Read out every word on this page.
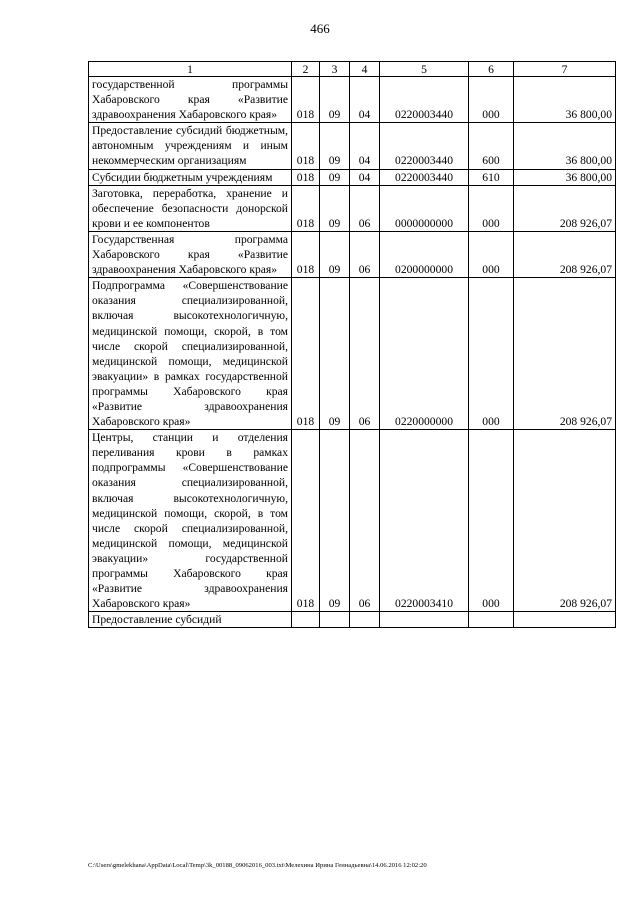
466
1	2	3	4	5	6	7
государственной программы Хабаровского края «Развитие здравоохранения Хабаровского края»	018	09	04	0220003440	000	36 800,00
Предоставление субсидий бюджетным, автономным учреждениям и иным некоммерческим организациям	018	09	04	0220003440	600	36 800,00
Субсидии бюджетным учреждениям	018	09	04	0220003440	610	36 800,00
Заготовка, переработка, хранение и обеспечение безопасности донорской крови и ее компонентов	018	09	06	0000000000	000	208 926,07
Государственная программа Хабаровского края «Развитие здравоохранения Хабаровского края»	018	09	06	0200000000	000	208 926,07
Подпрограмма «Совершенствование оказания специализированной, включая высокотехнологичную, медицинской помощи, скорой, в том числе скорой специализированной, медицинской помощи, медицинской эвакуации» в рамках государственной программы Хабаровского края «Развитие здравоохранения Хабаровского края»	018	09	06	0220000000	000	208 926,07
Центры, станции и отделения переливания крови в рамках подпрограммы «Совершенствование оказания специализированной, включая высокотехнологичную, медицинской помощи, скорой, в том числе скорой специализированной, медицинской помощи, медицинской эвакуации» государственной программы Хабаровского края «Развитие здравоохранения Хабаровского края»	018	09	06	0220003410	000	208 926,07
Предоставление субсидий						
C:\Users\gmelekhana\AppData\Local\Temp\3k_00188_09062016_003.txt\Мелехина Ирина Геннадьевна\14.06.2016 12:02:20
